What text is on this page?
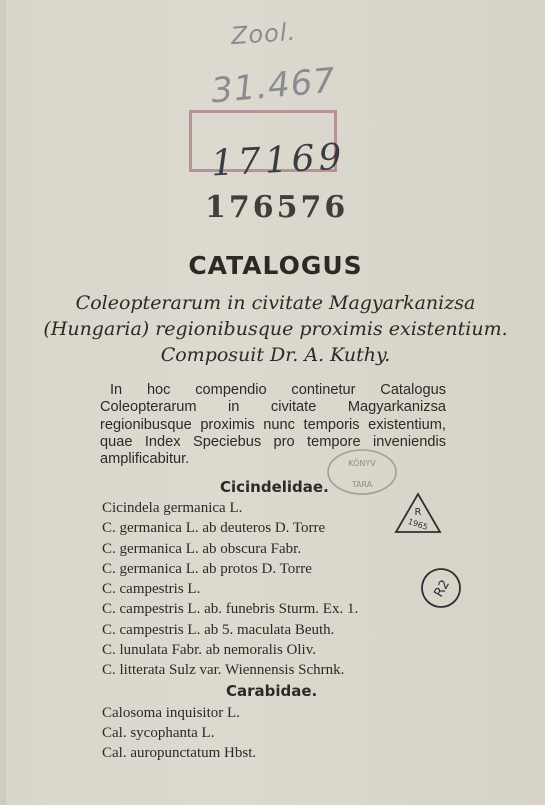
Zool.
31.467
17169
176576
CATALOGUS
Coleopterarum in civitate Magyarkanizsa
(Hungaria) regionibusque proximis existentium.
Composuit Dr. A. Kuthy.
In hoc compendio continetur Catalogus Coleopterarum in civitate Magyarkanizsa regionibusque proximis nunc temporis existentium, quae Index Speciebus pro tempore inveniendis amplificabitur.	KÖNYV
TÁRA
Cicindelidae.
Cicindela germanica L.
C. germanica L. ab deuteros D. Torre
C. germanica L. ab obscura Fabr.
C. germanica L. ab protos D. Torre
C. campestris L.
C. campestris L. ab. funebris Sturm. Ex. 1.
C. campestris L. ab 5. maculata Beuth.
C. lunulata Fabr. ab nemoralis Oliv.
C. litterata Sulz var. Wiennensis Schrnk.
R
1965
R2
Carabidae.
Calosoma inquisitor L.
Cal. sycophanta L.
Cal. auropunctatum Hbst.
